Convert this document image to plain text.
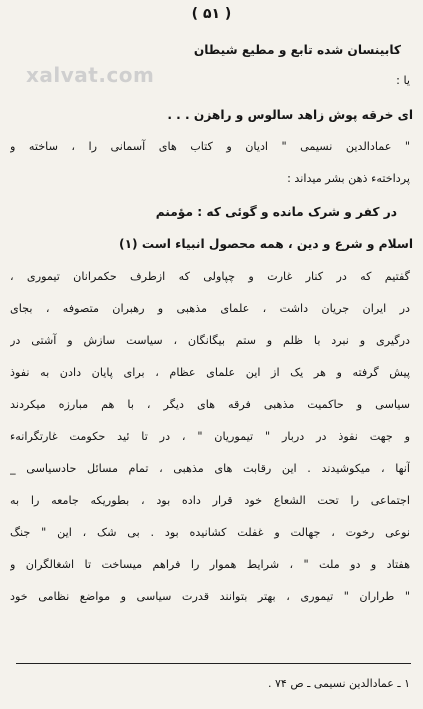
( ۵۱ )
xalvat.com
کابینسان شده تابع و مطیع شیطان
یا :
ای خرقه پوش زاهد سالوس و راهزن . . .
" عمادالدین نسیمی " ادیان و کتاب های آسمانی را ، ساخته و
پرداخته‌ء ذهن بشر میداند :
در کفر و شرک مانده و گوئی که : مؤمنم
اسلام و شرع و دین ، همه محصول انبیاء است (۱)
گفتیم که در کنار غارت و چپاولی که ازطرف حکمرانان تیموری ،
در ایران جریان داشت ، علمای مذهبی و رهبران متصوفه ، بجای
درگیری و نبرد با ظلم و ستم بیگانگان ، سیاست سازش و آشتی در
پیش گرفته و هر یک از این علمای عظام ، برای پایان دادن به نفوذ
سیاسی و حاکمیت مذهبی فرقه های دیگر ، با هم مبارزه میکردند
و جهت نفوذ در دربار " تیموریان " ، در تا ئید حکومت غارتگرانه‌ء
آنها ، میکوشیدند . این رقابت های مذهبی ، تمام مسائل حادسیاسی _
اجتماعی را تحت الشعاع خود قرار داده بود ، بطوریکه جامعه را به
نوعی رخوت ، جهالت و غفلت کشانیده بود . بی شک ، این " جنگ
هفتاد و دو ملت " ، شرایط هموار را فراهم میساخت تا اشغالگران و
" طراران " تیموری ، بهتر بتوانند قدرت سیاسی و مواضع نظامی خود
۱ ـ عمادالدین نسیمی ـ ص ۷۴ .
